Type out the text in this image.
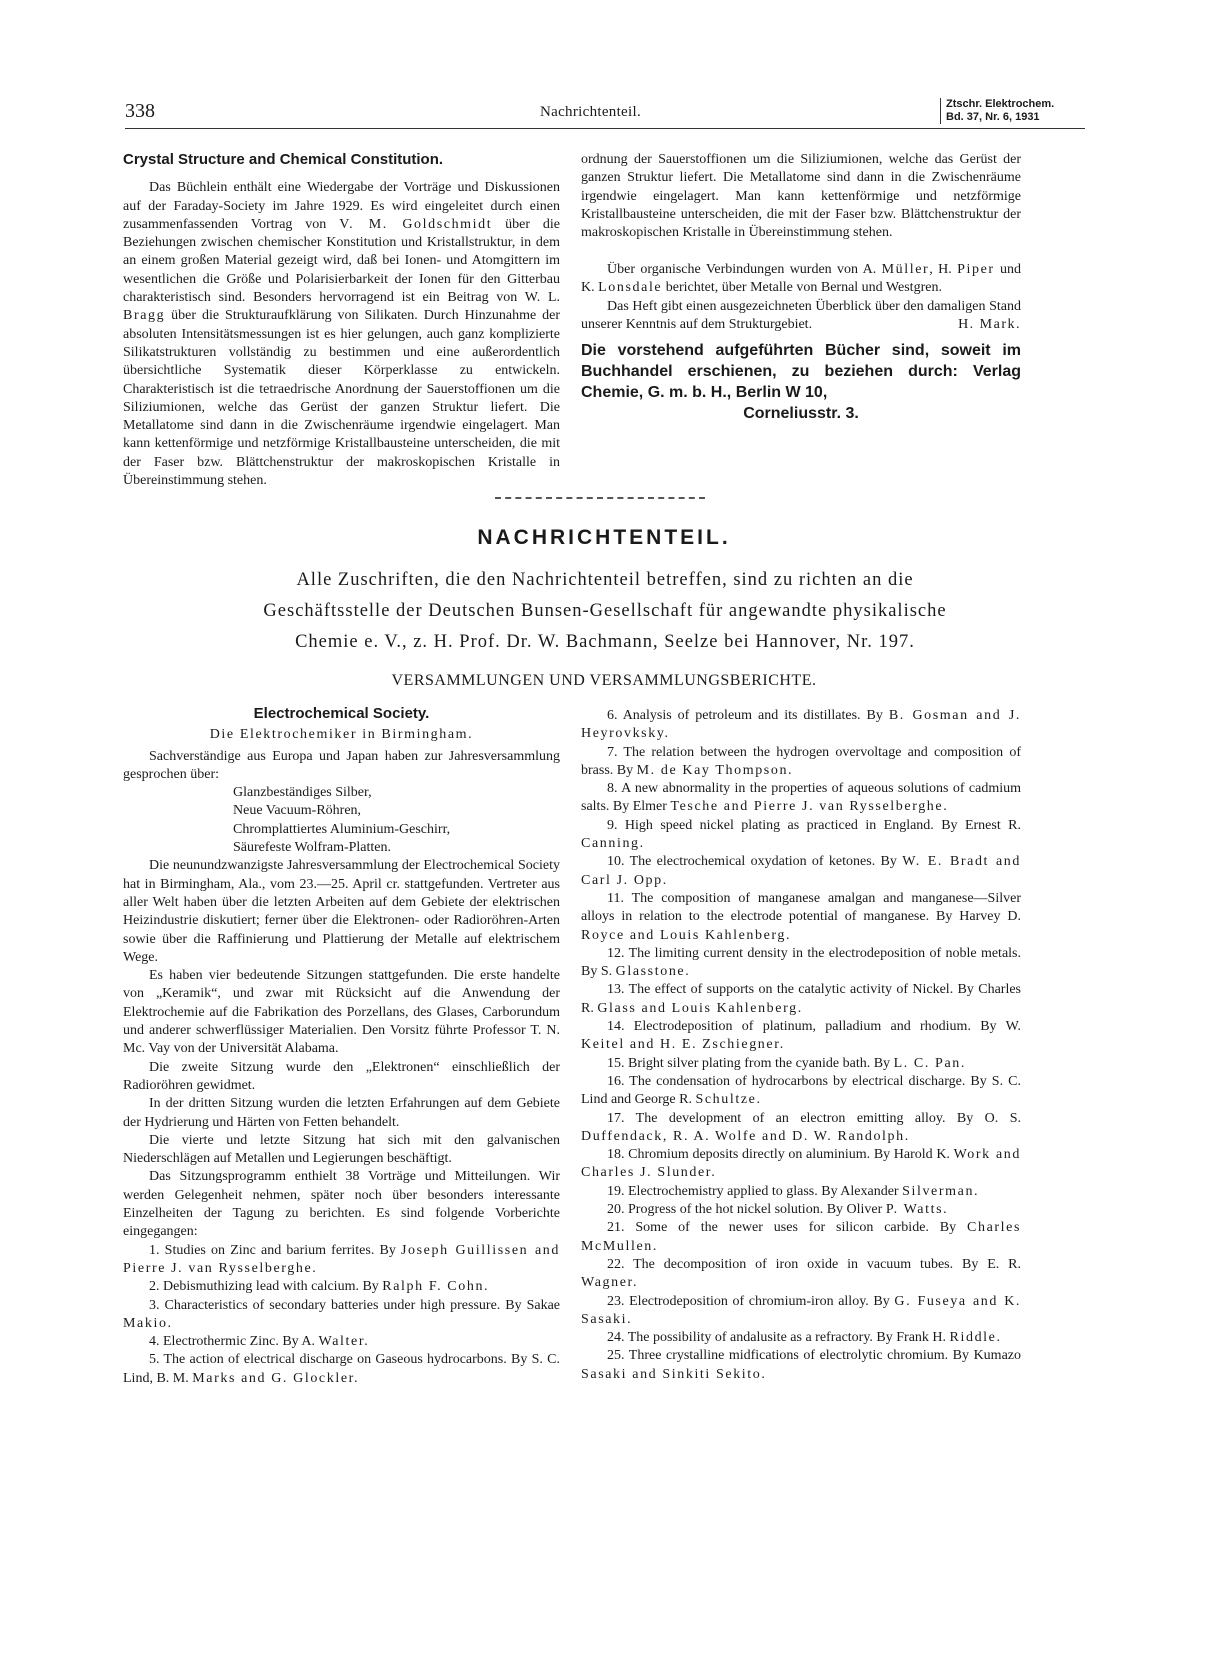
338	Nachrichtenteil.	Ztschr. Elektrochem.
Bd. 37, Nr. 6, 1931

Crystal Structure and Chemical Constitution.

Das Büchlein enthält eine Wiedergabe der Vorträge und Diskussionen auf der Faraday-Society im Jahre 1929. Es wird eingeleitet durch einen zusammenfassenden Vortrag von V. M. Goldschmidt über die Beziehungen zwischen chemischer Konstitution und Kristallstruktur, in dem an einem großen Material gezeigt wird, daß bei Ionen- und Atomgittern im wesentlichen die Größe und Polarisierbarkeit der Ionen für den Gitterbau charakteristisch sind. Besonders hervorragend ist ein Beitrag von W. L. Bragg über die Strukturaufklärung von Silikaten. Durch Hinzunahme der absoluten Intensitätsmessungen ist es hier gelungen, auch ganz komplizierte Silikatstrukturen vollständig zu bestimmen und eine außerordentlich übersichtliche Systematik dieser Körperklasse zu entwickeln. Charakteristisch ist die tetraedrische Anordnung der Sauerstoffionen um die Siliziumionen, welche das Gerüst der ganzen Struktur liefert. Die Metallatome sind dann in die Zwischenräume irgendwie eingelagert. Man kann kettenförmige und netzförmige Kristallbausteine unterscheiden, die mit der Faser bzw. Blättchenstruktur der makroskopischen Kristalle in Übereinstimmung stehen.

ordnung der Sauerstoffionen um die Siliziumionen, welche das Gerüst der ganzen Struktur liefert. Die Metallatome sind dann in die Zwischenräume irgendwie eingelagert. Man kann kettenförmige und netzförmige Kristallbausteine unterscheiden, die mit der Faser bzw. Blättchenstruktur der makroskopischen Kristalle in Übereinstimmung stehen.

Über organische Verbindungen wurden von A. Müller, H. Piper und K. Lonsdale berichtet, über Metalle von Bernal und Westgren.

Das Heft gibt einen ausgezeichneten Überblick über den damaligen Stand unserer Kenntnis auf dem Strukturgebiet.	H. Mark.

Die vorstehend aufgeführten Bücher sind, soweit im Buchhandel erschienen, zu beziehen durch: Verlag Chemie, G. m. b. H., Berlin W 10,
Corneliusstr. 3.

NACHRICHTENTEIL.
Alle Zuschriften, die den Nachrichtenteil betreffen, sind zu richten an die
Geschäftsstelle der Deutschen Bunsen-Gesellschaft für angewandte physikalische
Chemie e. V., z. H. Prof. Dr. W. Bachmann, Seelze bei Hannover, Nr. 197.
VERSAMMLUNGEN UND VERSAMMLUNGSBERICHTE.

Electrochemical Society.

Die Elektrochemiker in Birmingham.

Sachverständige aus Europa und Japan haben zur Jahresversammlung gesprochen über:

Glanzbeständiges Silber,

Neue Vacuum-Röhren,

Chromplattiertes Aluminium-Geschirr,

Säurefeste Wolfram-Platten.

Die neunundzwanzigste Jahresversammlung der Electrochemical Society hat in Birmingham, Ala., vom 23.—25. April cr. stattgefunden. Vertreter aus aller Welt haben über die letzten Arbeiten auf dem Gebiete der elektrischen Heizindustrie diskutiert; ferner über die Elektronen- oder Radioröhren-Arten sowie über die Raffinierung und Plattierung der Metalle auf elektrischem Wege.

Es haben vier bedeutende Sitzungen stattgefunden. Die erste handelte von „Keramik“, und zwar mit Rücksicht auf die Anwendung der Elektrochemie auf die Fabrikation des Porzellans, des Glases, Carborundum und anderer schwerflüssiger Materialien. Den Vorsitz führte Professor T. N. Mc. Vay von der Universität Alabama.

Die zweite Sitzung wurde den „Elektronen“ einschließlich der Radioröhren gewidmet.

In der dritten Sitzung wurden die letzten Erfahrungen auf dem Gebiete der Hydrierung und Härten von Fetten behandelt.

Die vierte und letzte Sitzung hat sich mit den galvanischen Niederschlägen auf Metallen und Legierungen beschäftigt.

Das Sitzungsprogramm enthielt 38 Vorträge und Mitteilungen. Wir werden Gelegenheit nehmen, später noch über besonders interessante Einzelheiten der Tagung zu berichten. Es sind folgende Vorberichte eingegangen:

1. Studies on Zinc and barium ferrites. By Joseph Guillissen and Pierre J. van Rysselberghe.

2. Debismuthizing lead with calcium. By Ralph F. Cohn.

3. Characteristics of secondary batteries under high pressure. By Sakae Makio.

4. Electrothermic Zinc. By A. Walter.

5. The action of electrical discharge on Gaseous hydrocarbons. By S. C. Lind, B. M. Marks and G. Glockler.

6. Analysis of petroleum and its distillates. By B. Gosman and J. Heyrovksky.

7. The relation between the hydrogen overvoltage and composition of brass. By M. de Kay Thompson.

8. A new abnormality in the properties of aqueous solutions of cadmium salts. By Elmer Tesche and Pierre J. van Rysselberghe.

9. High speed nickel plating as practiced in England. By Ernest R. Canning.

10. The electrochemical oxydation of ketones. By W. E. Bradt and Carl J. Opp.

11. The composition of manganese amalgan and manganese—Silver alloys in relation to the electrode potential of manganese. By Harvey D. Royce and Louis Kahlenberg.

12. The limiting current density in the electrodeposition of noble metals. By S. Glasstone.

13. The effect of supports on the catalytic activity of Nickel. By Charles R. Glass and Louis Kahlenberg.

14. Electrodeposition of platinum, palladium and rhodium. By W. Keitel and H. E. Zschiegner.

15. Bright silver plating from the cyanide bath. By L. C. Pan.

16. The condensation of hydrocarbons by electrical discharge. By S. C. Lind and George R. Schultze.

17. The development of an electron emitting alloy. By O. S. Duffendack, R. A. Wolfe and D. W. Randolph.

18. Chromium deposits directly on aluminium. By Harold K. Work and Charles J. Slunder.

19. Electrochemistry applied to glass. By Alexander Silverman.

20. Progress of the hot nickel solution. By Oliver P. Watts.

21. Some of the newer uses for silicon carbide. By Charles McMullen.

22. The decomposition of iron oxide in vacuum tubes. By E. R. Wagner.

23. Electrodeposition of chromium-iron alloy. By G. Fuseya and K. Sasaki.

24. The possibility of andalusite as a refractory. By Frank H. Riddle.

25. Three crystalline midfications of electrolytic chromium. By Kumazo Sasaki and Sinkiti Sekito.
